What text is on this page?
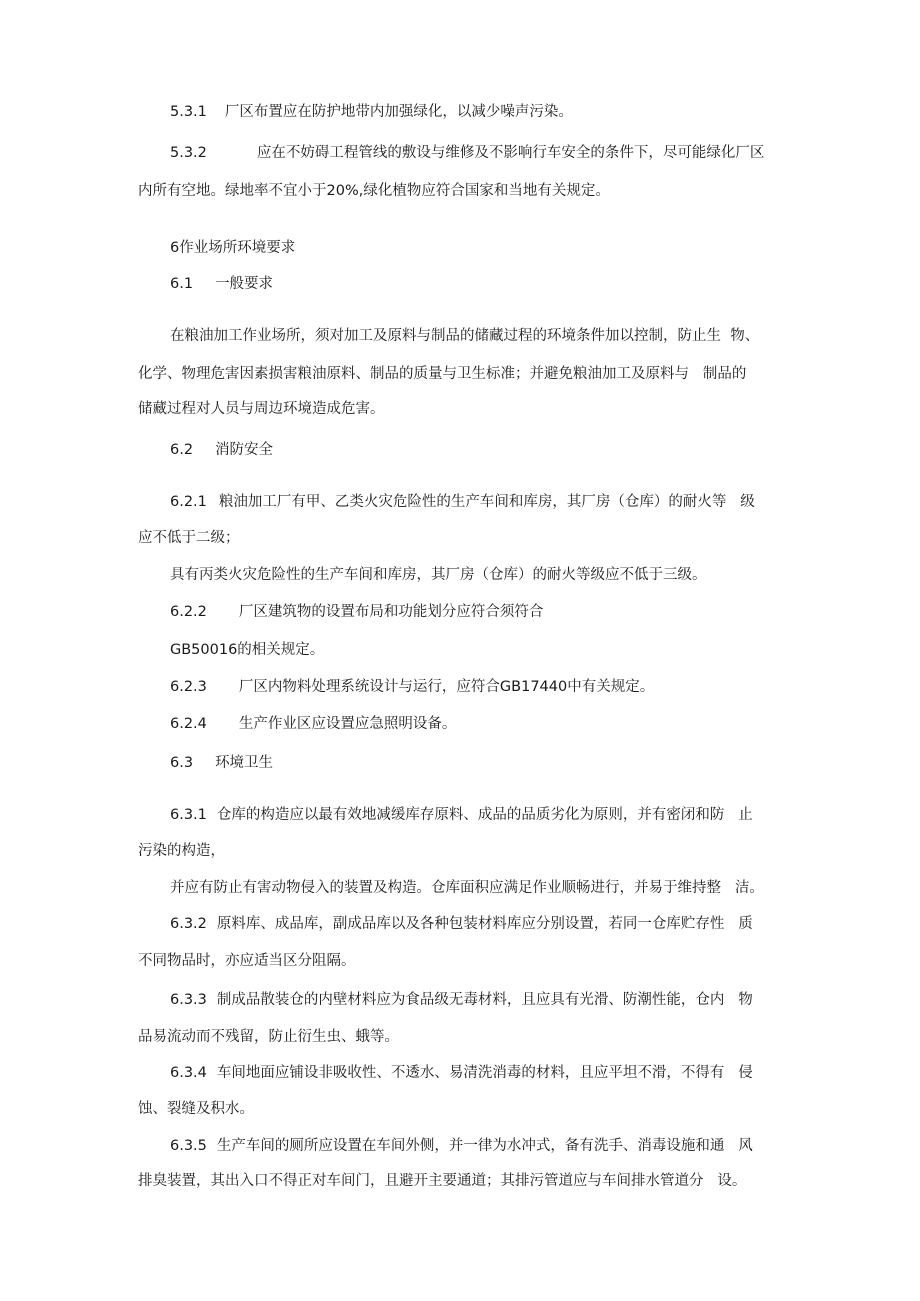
5.3.1 厂区布置应在防护地带内加强绿化，以减少噪声污染。

5.3.2	应在不妨碍工程管线的敷设与维修及不影响行车安全的条件下，尽可能绿化厂区

内所有空地。绿地率不宜小于20%,绿化植物应符合国家和当地有关规定。

6作业场所环境要求

6.1 一般要求

在粮油加工作业场所，须对加工及原料与制品的储藏过程的环境条件加以控制，防止生  物、

化学、物理危害因素损害粮油原料、制品的质量与卫生标准；并避免粮油加工及原料与   制品的

储藏过程对人员与周边环境造成危害。

6.2 消防安全

6.2.1 粮油加工厂有甲、乙类火灾危险性的生产车间和库房，其厂房（仓库）的耐火等   级

应不低于二级；

具有丙类火灾危险性的生产车间和库房，其厂房（仓库）的耐火等级应不低于三级。

6.2.2 厂区建筑物的设置布局和功能划分应符合须符合

GB50016的相关规定。

6.2.3 厂区内物料处理系统设计与运行，应符合GB17440中有关规定。

6.2.4 生产作业区应设置应急照明设备。

6.3 环境卫生

6.3.1 仓库的构造应以最有效地减缓库存原料、成品的品质劣化为原则，并有密闭和防   止

污染的构造，

并应有防止有害动物侵入的装置及构造。仓库面积应满足作业顺畅进行，并易于维持整   洁。

6.3.2 原料库、成品库，副成品库以及各种包装材料库应分别设置，若同一仓库贮存性   质

不同物品时，亦应适当区分阻隔。

6.3.3 制成品散装仓的内壁材料应为食品级无毒材料，且应具有光滑、防潮性能，仓内   物

品易流动而不残留，防止衍生虫、蛾等。

6.3.4 车间地面应铺设非吸收性、不透水、易清洗消毒的材料，且应平坦不滑，不得有   侵

蚀、裂缝及积水。

6.3.5 生产车间的厕所应设置在车间外侧，并一律为水冲式，备有洗手、消毒设施和通   风

排臭装置，其出入口不得正对车间门，且避开主要通道；其排污管道应与车间排水管道分   设。
